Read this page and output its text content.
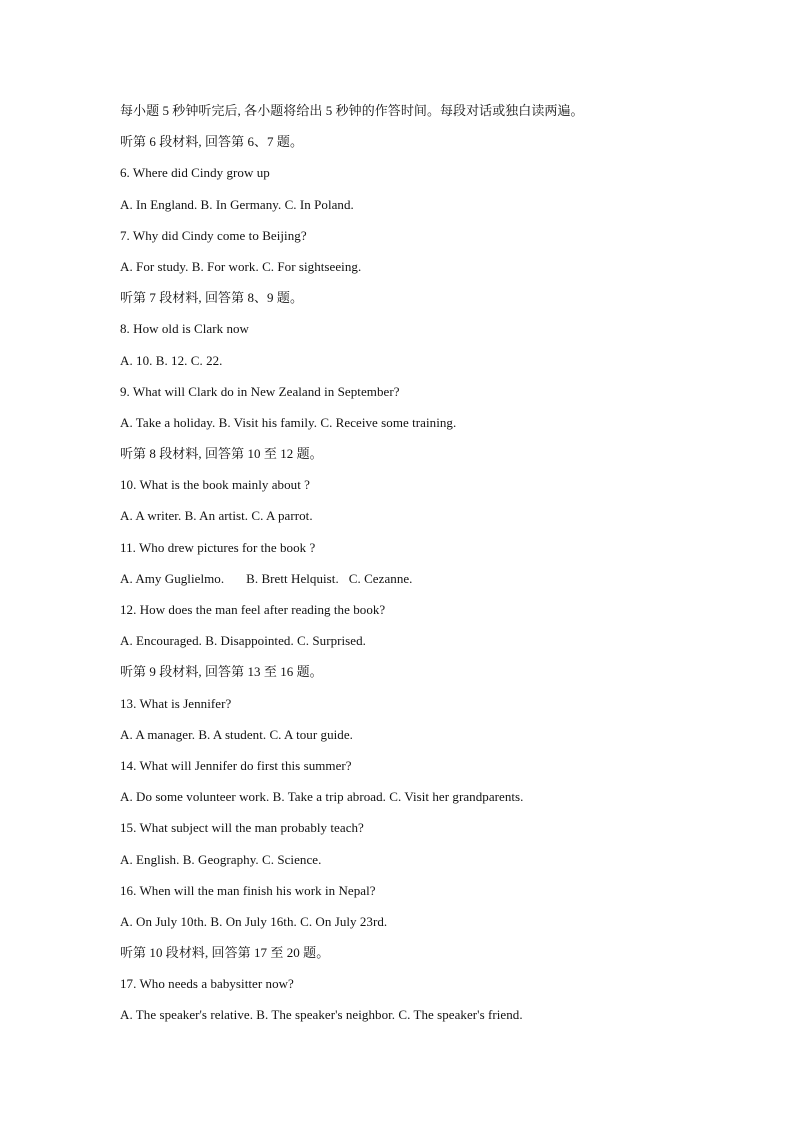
每小题 5 秒钟听完后, 各小题将给出 5 秒钟的作答时间。每段对话或独白读两遍。
听第 6 段材料, 回答第 6、7 题。
6. Where did Cindy grow up
A. In England. B. In Germany. C. In Poland.
7. Why did Cindy come to Beijing?
A. For study. B. For work. C. For sightseeing.
听第 7 段材料, 回答第 8、9 题。
8. How old is Clark now
A. 10. B. 12. C. 22.
9. What will Clark do in New Zealand in September?
A. Take a holiday. B. Visit his family. C. Receive some training.
听第 8 段材料, 回答第 10 至 12 题。
10. What is the book mainly about ?
A. A writer. B. An artist. C. A parrot.
11. Who drew pictures for the book ?
A. Amy Guglielmo. B. Brett Helquist. C. Cezanne.
12. How does the man feel after reading the book?
A. Encouraged. B. Disappointed. C. Surprised.
听第 9 段材料, 回答第 13 至 16 题。
13. What is Jennifer?
A. A manager. B. A student. C. A tour guide.
14. What will Jennifer do first this summer?
A. Do some volunteer work. B. Take a trip abroad. C. Visit her grandparents.
15. What subject will the man probably teach?
A. English. B. Geography. C. Science.
16. When will the man finish his work in Nepal?
A. On July 10th. B. On July 16th. C. On July 23rd.
听第 10 段材料, 回答第 17 至 20 题。
17. Who needs a babysitter now?
A. The speaker's relative. B. The speaker's neighbor. C. The speaker's friend.
